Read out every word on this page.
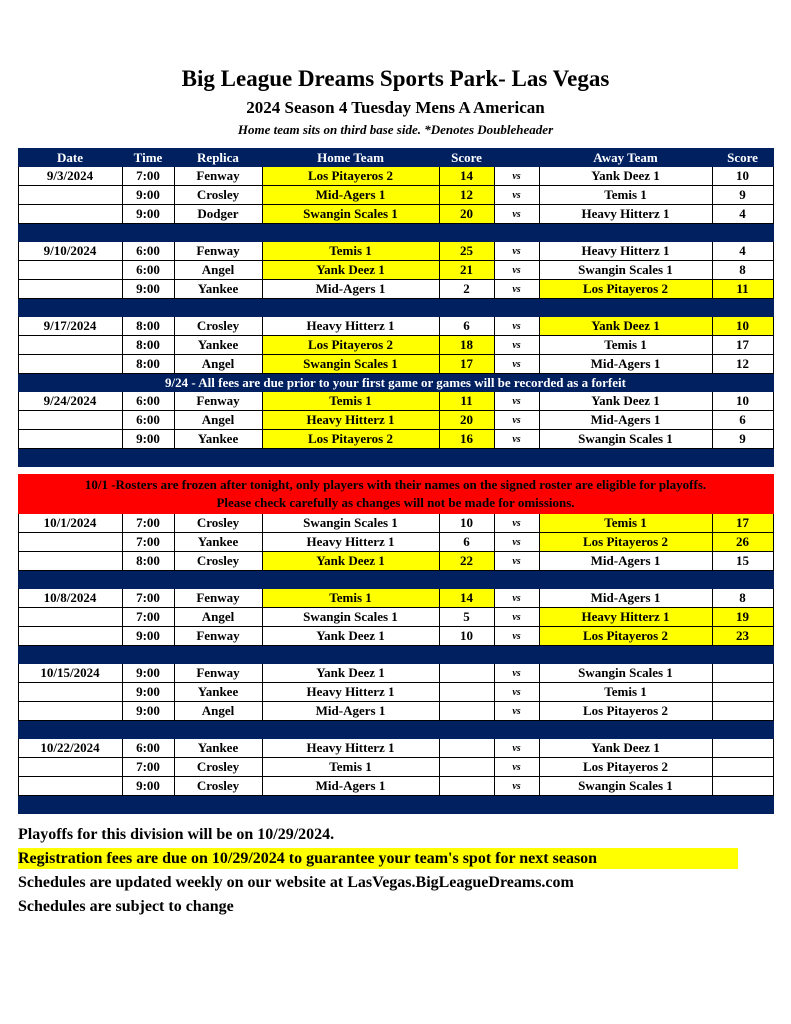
Big League Dreams Sports Park- Las Vegas
2024 Season 4 Tuesday Mens A American
Home team sits on third base side. *Denotes Doubleheader
Date	Time	Replica	Home Team	Score		Away Team	Score
9/3/2024	7:00	Fenway	Los Pitayeros 2	14	vs	Yank Deez 1	10
	9:00	Crosley	Mid-Agers 1	12	vs	Temis 1	9
	9:00	Dodger	Swangin Scales 1	20	vs	Heavy Hitterz 1	4

9/10/2024	6:00	Fenway	Temis 1	25	vs	Heavy Hitterz 1	4
	6:00	Angel	Yank Deez 1	21	vs	Swangin Scales 1	8
	9:00	Yankee	Mid-Agers 1	2	vs	Los Pitayeros 2	11

9/17/2024	8:00	Crosley	Heavy Hitterz 1	6	vs	Yank Deez 1	10
	8:00	Yankee	Los Pitayeros 2	18	vs	Temis 1	17
	8:00	Angel	Swangin Scales 1	17	vs	Mid-Agers 1	12
9/24 - All fees are due prior to your first game or games will be recorded as a forfeit							
9/24/2024	6:00	Fenway	Temis 1	11	vs	Yank Deez 1	10
	6:00	Angel	Heavy Hitterz 1	20	vs	Mid-Agers 1	6
	9:00	Yankee	Los Pitayeros 2	16	vs	Swangin Scales 1	9

10/1 -Rosters are frozen after tonight, only players with their names on the signed roster are eligible for playoffs.
Please check carefully as changes will not be made for omissions.							

10/1/2024	7:00	Crosley	Swangin Scales 1	10	vs	Temis 1	17
	7:00	Yankee	Heavy Hitterz 1	6	vs	Los Pitayeros 2	26
	8:00	Crosley	Yank Deez 1	22	vs	Mid-Agers 1	15

10/8/2024	7:00	Fenway	Temis 1	14	vs	Mid-Agers 1	8
	7:00	Angel	Swangin Scales 1	5	vs	Heavy Hitterz 1	19
	9:00	Fenway	Yank Deez 1	10	vs	Los Pitayeros 2	23

10/15/2024	9:00	Fenway	Yank Deez 1		vs	Swangin Scales 1	
	9:00	Yankee	Heavy Hitterz 1		vs	Temis 1	
	9:00	Angel	Mid-Agers 1		vs	Los Pitayeros 2	

10/22/2024	6:00	Yankee	Heavy Hitterz 1		vs	Yank Deez 1	
	7:00	Crosley	Temis 1		vs	Los Pitayeros 2	
	9:00	Crosley	Mid-Agers 1		vs	Swangin Scales 1	

Playoffs for this division will be on 10/29/2024.
Registration fees are due on 10/29/2024 to guarantee your team's spot for next season
Schedules are updated weekly on our website at LasVegas.BigLeagueDreams.com
Schedules are subject to change
